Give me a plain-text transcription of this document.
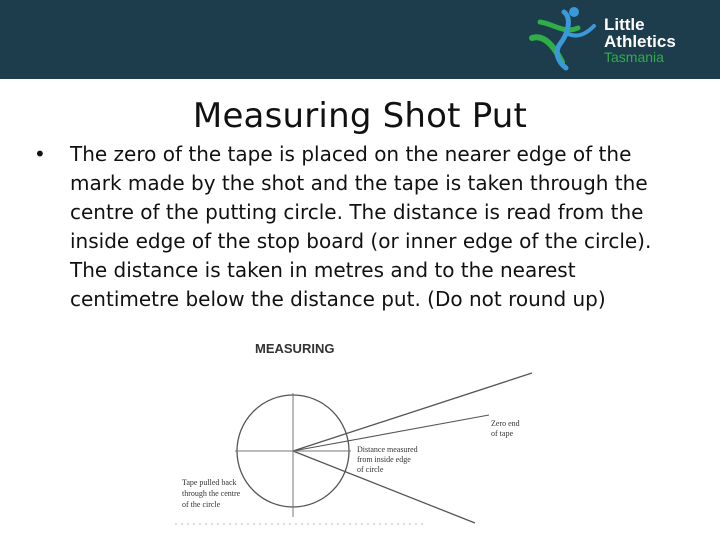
Little
Athletics
Tasmania
Measuring Shot Put
• The zero of the tape is placed on the nearer edge of the
mark made by the shot and the tape is taken through the
centre of the putting circle. The distance is read from the
inside edge of the stop board (or inner edge of the circle).
The distance is taken in metres and to the nearest
centimetre below the distance put. (Do not round up)
MEASURING
Zero end
of tape
Distance measured
from inside edge
of circle
Tape pulled back
through the centre
of the circle
